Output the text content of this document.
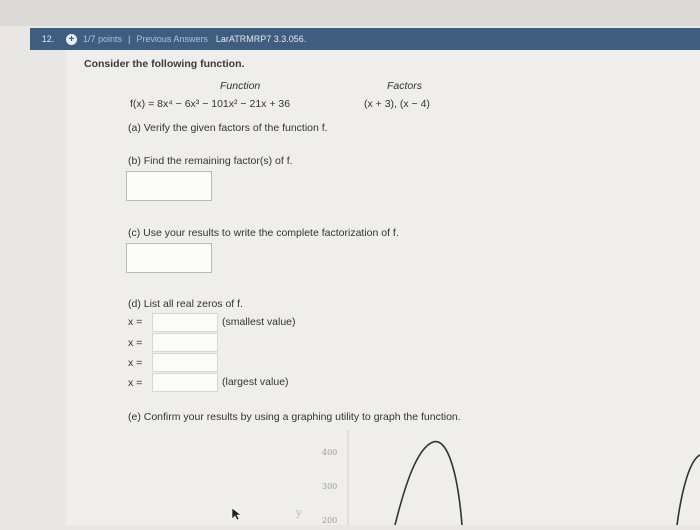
12.	+ 1/7 points | Previous Answers LarATRMRP7 3.3.056.
Consider the following function.
Function	Factors
f(x) = 8x⁴ − 6x³ − 101x² − 21x + 36	(x + 3), (x − 4)
(a) Verify the given factors of the function f.
(b) Find the remaining factor(s) of f.
(c) Use your results to write the complete factorization of f.
(d) List all real zeros of f.
x =	(smallest value)
x =
x =
x =	(largest value)
(e) Confirm your results by using a graphing utility to graph the function.
400
300
200
y
